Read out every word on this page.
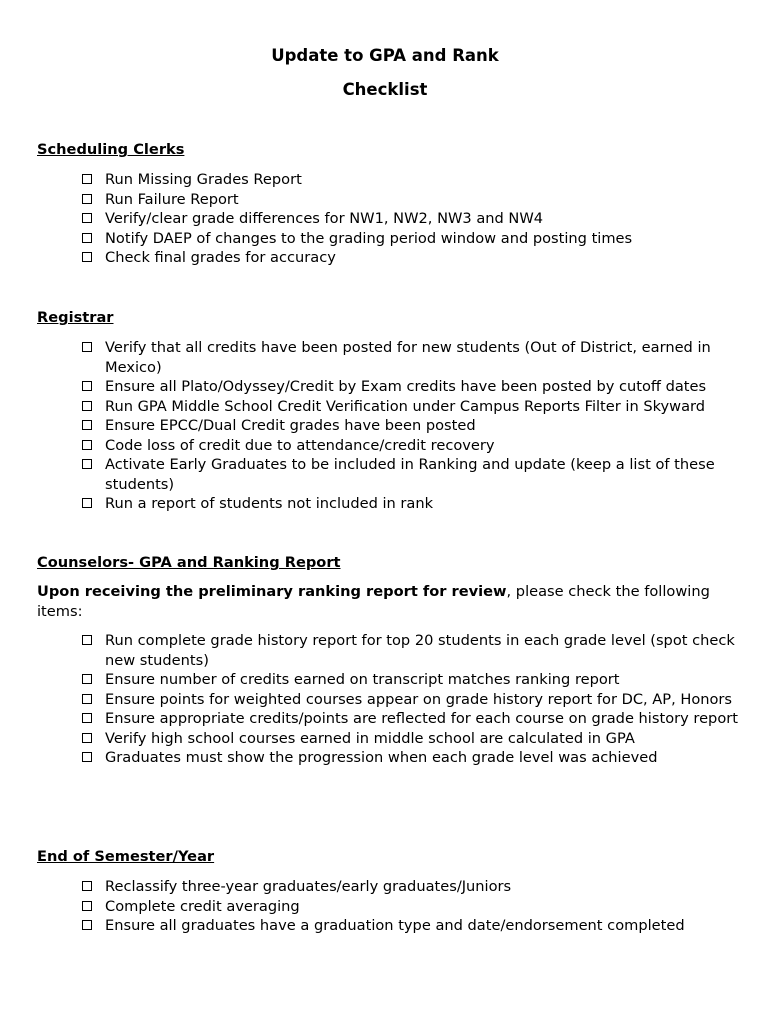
Update to GPA and Rank
Checklist
Scheduling Clerks
Run Missing Grades Report
Run Failure Report
Verify/clear grade differences for NW1, NW2, NW3 and NW4
Notify DAEP of changes to the grading period window and posting times
Check final grades for accuracy
Registrar
Verify that all credits have been posted for new students (Out of District, earned in Mexico)
Ensure all Plato/Odyssey/Credit by Exam credits have been posted by cutoff dates
Run GPA Middle School Credit Verification under Campus Reports Filter in Skyward
Ensure EPCC/Dual Credit grades have been posted
Code loss of credit due to attendance/credit recovery
Activate Early Graduates to be included in Ranking and update (keep a list of these students)
Run a report of students not included in rank
Counselors- GPA and Ranking Report

Upon receiving the preliminary ranking report for review, please check the following items:

Run complete grade history report for top 20 students in each grade level (spot check new students)
Ensure number of credits earned on transcript matches ranking report
Ensure points for weighted courses appear on grade history report for DC, AP, Honors
Ensure appropriate credits/points are reflected for each course on grade history report
Verify high school courses earned in middle school are calculated in GPA
Graduates must show the progression when each grade level was achieved
End of Semester/Year
Reclassify three-year graduates/early graduates/Juniors
Complete credit averaging
Ensure all graduates have a graduation type and date/endorsement completed
